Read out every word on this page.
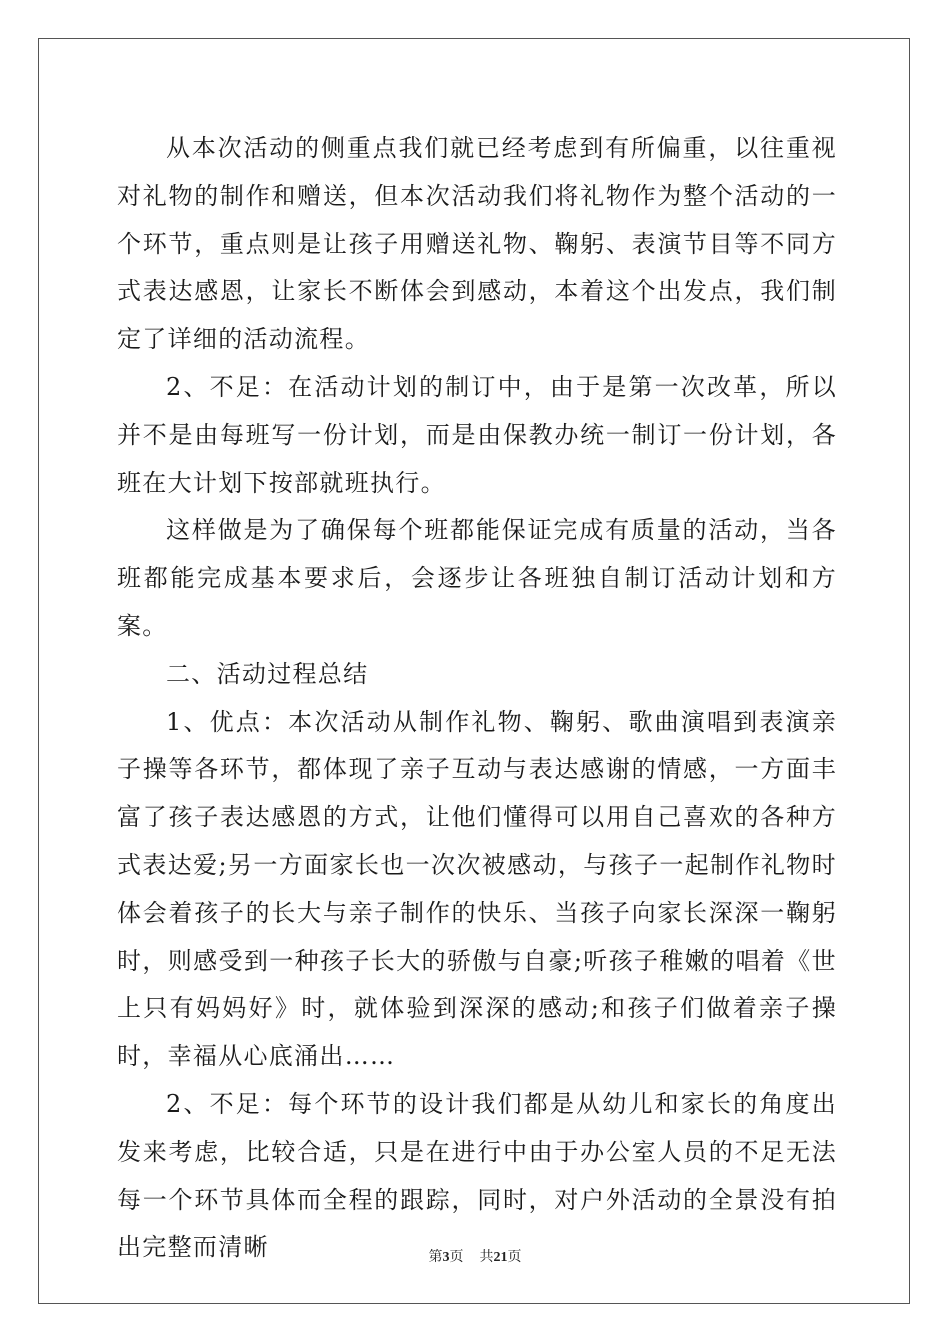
从本次活动的侧重点我们就已经考虑到有所偏重，以往重视对礼物的制作和赠送，但本次活动我们将礼物作为整个活动的一个环节，重点则是让孩子用赠送礼物、鞠躬、表演节目等不同方式表达感恩，让家长不断体会到感动，本着这个出发点，我们制定了详细的活动流程。

2、不足：在活动计划的制订中，由于是第一次改革，所以并不是由每班写一份计划，而是由保教办统一制订一份计划，各班在大计划下按部就班执行。

这样做是为了确保每个班都能保证完成有质量的活动，当各班都能完成基本要求后，会逐步让各班独自制订活动计划和方案。

二、活动过程总结

1、优点：本次活动从制作礼物、鞠躬、歌曲演唱到表演亲子操等各环节，都体现了亲子互动与表达感谢的情感，一方面丰富了孩子表达感恩的方式，让他们懂得可以用自己喜欢的各种方式表达爱;另一方面家长也一次次被感动，与孩子一起制作礼物时体会着孩子的长大与亲子制作的快乐、当孩子向家长深深一鞠躬时，则感受到一种孩子长大的骄傲与自豪;听孩子稚嫩的唱着《世上只有妈妈好》时，就体验到深深的感动;和孩子们做着亲子操时，幸福从心底涌出……

2、不足：每个环节的设计我们都是从幼儿和家长的角度出发来考虑，比较合适，只是在进行中由于办公室人员的不足无法每一个环节具体而全程的跟踪，同时，对户外活动的全景没有拍出完整而清晰	第3页 共21页
